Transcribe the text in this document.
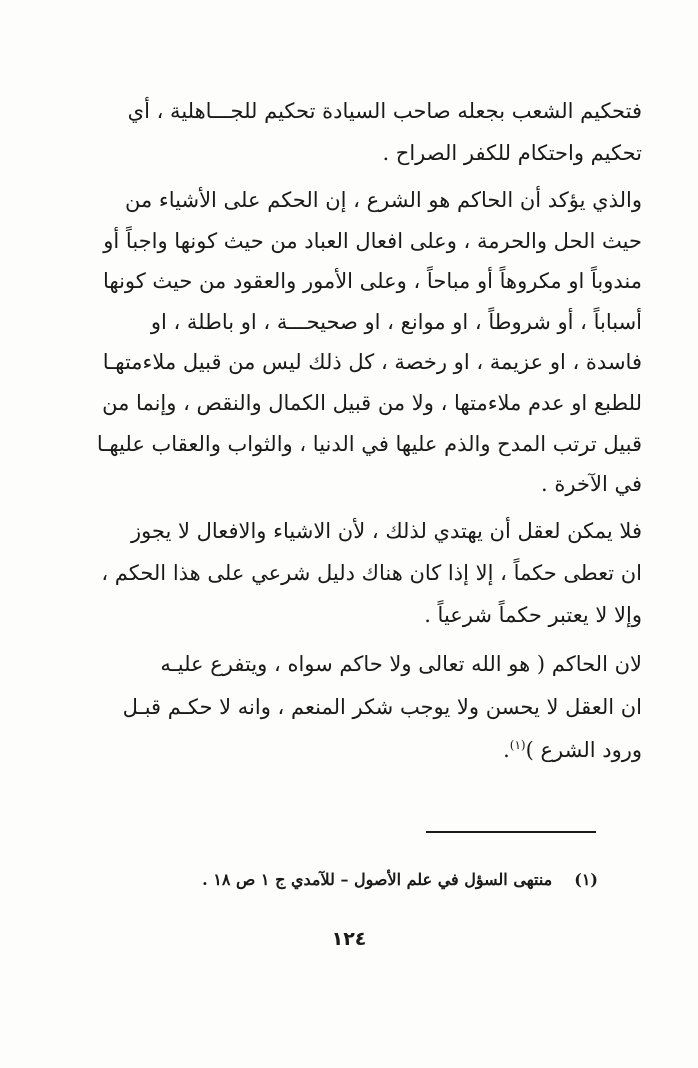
فتحكيم الشعب بجعله صاحب السيادة تحكيم للجـــاهلية ، أي
تحكيم واحتكام للكفر الصراح .
والذي يؤكد أن الحاكم هو الشرع ، إن الحكم على الأشياء من
حيث الحل والحرمة ، وعلى افعال العباد من حيث كونها واجباً أو
مندوباً او مكروهاً أو مباحاً ، وعلى الأمور والعقود من حيث كونها
أسباباً ، أو شروطاً ، او موانع ، او صحيحـــة ، او باطلة ، او
فاسدة ، او عزيمة ، او رخصة ، كل ذلك ليس من قبيل ملاءمتهـا
للطبع او عدم ملاءمتها ، ولا من قبيل الكمال والنقص ، وإنما من
قبيل ترتب المدح والذم عليها في الدنيا ، والثواب والعقاب عليهـا
في الآخرة .
فلا يمكن لعقل أن يهتدي لذلك ، لأن الاشياء والافعال لا يجوز
ان تعطى حكماً ، إلا إذا كان هناك دليل شرعي على هذا الحكم ،
وإلا لا يعتبر حكماً شرعياً .
لان الحاكم ( هو الله تعالى ولا حاكم سواه ، ويتفرع عليـه
ان العقل لا يحسن ولا يوجب شكر المنعم ، وانه لا حكـم قبـل
ورود الشرع )$^{(١)}$.
(١)منتهى السؤل في علم الأصول – للآمدي ج ١ ص ١٨ .
١٢٤
